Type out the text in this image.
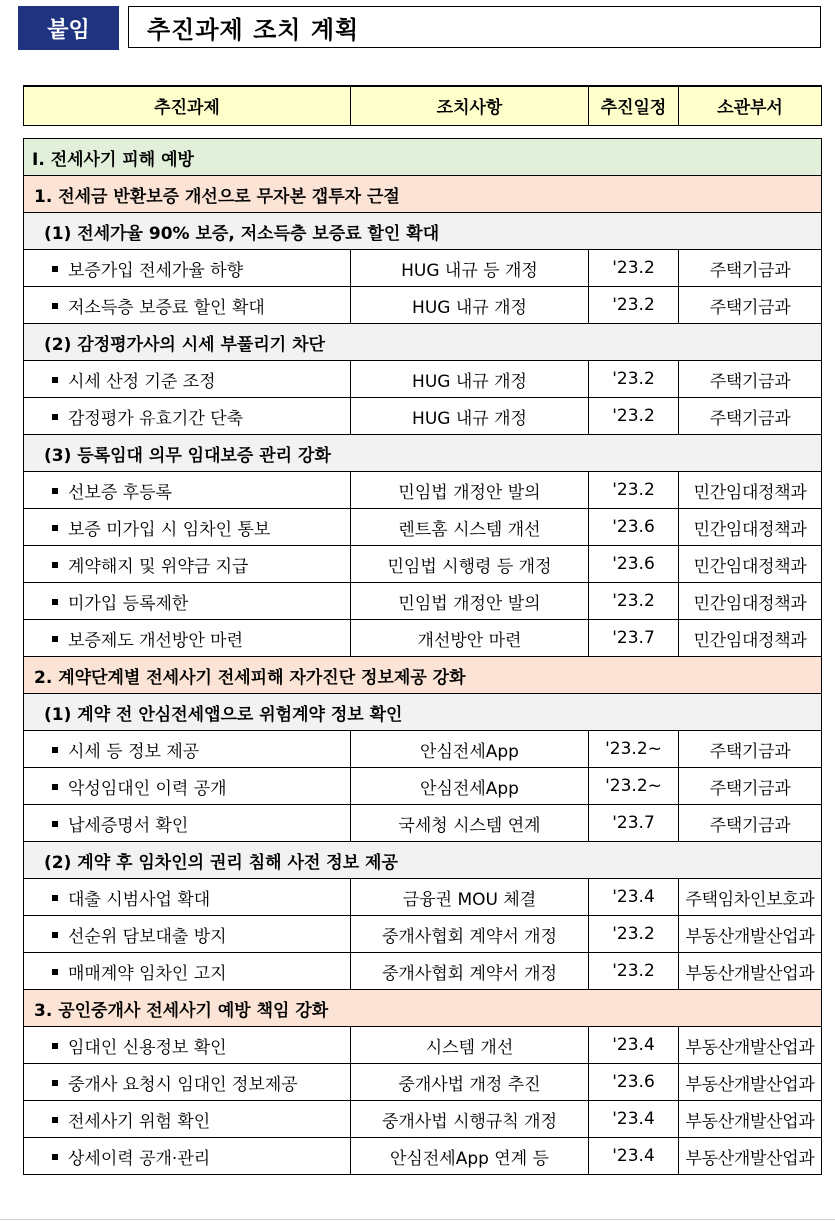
붙임	추진과제 조치 계획
추진과제	조치사항	추진일정	소관부서
Ⅰ. 전세사기 피해 예방			
1. 전세금 반환보증 개선으로 무자본 갭투자 근절			
(1) 전세가율 90% 보증, 저소득층 보증료 할인 확대			
보증가입 전세가율 하향	HUG 내규 등 개정	'23.2	주택기금과
저소득층 보증료 할인 확대	HUG 내규 개정	'23.2	주택기금과
(2) 감정평가사의 시세 부풀리기 차단			
시세 산정 기준 조정	HUG 내규 개정	'23.2	주택기금과
감정평가 유효기간 단축	HUG 내규 개정	'23.2	주택기금과
(3) 등록임대 의무 임대보증 관리 강화			
선보증 후등록	민임법 개정안 발의	'23.2	민간임대정책과
보증 미가입 시 임차인 통보	렌트홈 시스템 개선	'23.6	민간임대정책과
계약해지 및 위약금 지급	민임법 시행령 등 개정	'23.6	민간임대정책과
미가입 등록제한	민임법 개정안 발의	'23.2	민간임대정책과
보증제도 개선방안 마련	개선방안 마련	'23.7	민간임대정책과
2. 계약단계별 전세사기 전세피해 자가진단 정보제공 강화			
(1) 계약 전 안심전세앱으로 위험계약 정보 확인			
시세 등 정보 제공	안심전세App	'23.2~	주택기금과
악성임대인 이력 공개	안심전세App	'23.2~	주택기금과
납세증명서 확인	국세청 시스템 연계	'23.7	주택기금과
(2) 계약 후 임차인의 권리 침해 사전 정보 제공			
대출 시범사업 확대	금융권 MOU 체결	'23.4	주택임차인보호과
선순위 담보대출 방지	중개사협회 계약서 개정	'23.2	부동산개발산업과
매매계약 임차인 고지	중개사협회 계약서 개정	'23.2	부동산개발산업과
3. 공인중개사 전세사기 예방 책임 강화			
임대인 신용정보 확인	시스템 개선	'23.4	부동산개발산업과
중개사 요청시 임대인 정보제공	중개사법 개정 추진	'23.6	부동산개발산업과
전세사기 위험 확인	중개사법 시행규칙 개정	'23.4	부동산개발산업과
상세이력 공개·관리	안심전세App 연계 등	'23.4	부동산개발산업과
